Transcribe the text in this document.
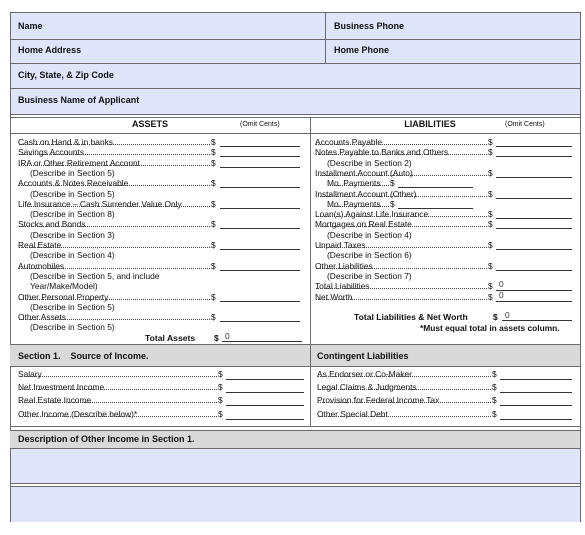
Name	Business Phone
Home Address	Home Phone
City, State, & Zip Code
Business Name of Applicant
ASSETS	(Omit Cents)	LIABILITIES	(Omit Cents)
Cash on Hand & in banks	$
Savings Accounts	$
IRA or Other Retirement Account	$
(Describe in Section 5)
Accounts & Notes Receivable	$
(Describe in Section 5)
Life Insurance – Cash Surrender Value Only	$
(Describe in Section 8)
Stocks and Bonds	$
(Describe in Section 3)
Real Estate	$
(Describe in Section 4)
Automobiles	$
(Describe in Section 5, and include
Year/Make/Model)
Other Personal Property	$
(Describe in Section 5)
Other Assets	$
(Describe in Section 5)
Accounts Payable	$
Notes Payable to Banks and Others	$
(Describe in Section 2)
Installment Account (Auto)	$
Mo. Payments $
Installment Account (Other)	$
Mo. Payments $
Loan(s) Against Life Insurance	$
Mortgages on Real Estate	$
(Describe in Section 4)
Unpaid Taxes	$
(Describe in Section 6)
Other Liabilities	$
(Describe in Section 7)
Total Liabilities	$ 0
Net Worth	$ 0
Total Assets $ 0
Total Liabilities & Net Worth	$ 0
*Must equal total in assets column.
Section 1.    Source of Income.	Contingent Liabilities
Salary	$
Net Investment Income	$
Real Estate Income	$
Other Income (Describe below)*	$
As Endorser or Co-Maker	$
Legal Claims & Judgments	$
Provision for Federal Income Tax	$
Other Special Debt	$
Description of Other Income in Section 1.
